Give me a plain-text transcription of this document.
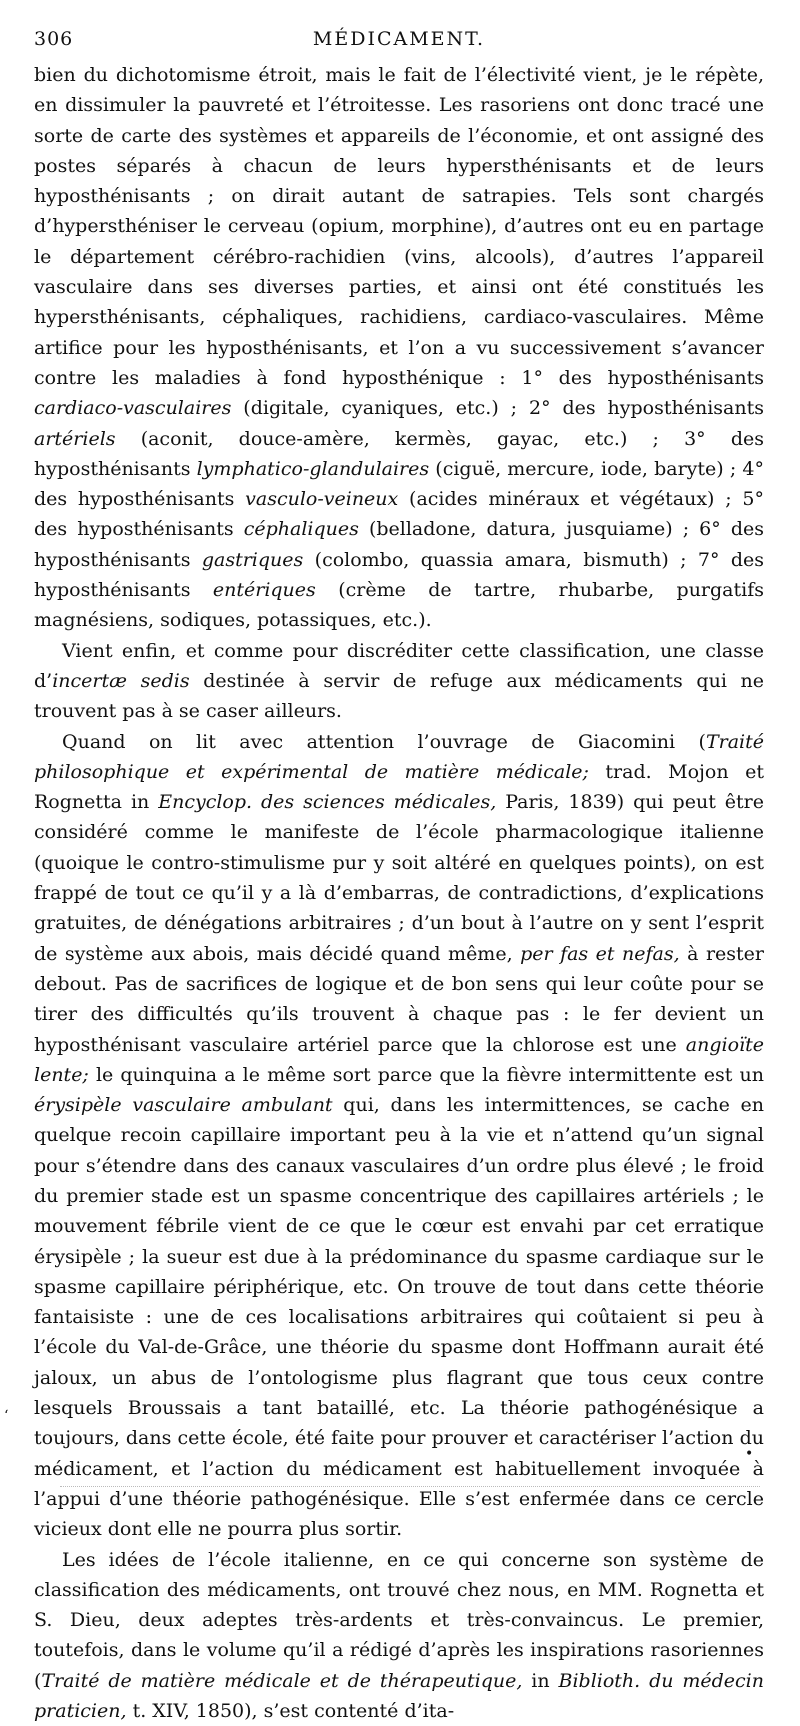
306	MÉDICAMENT.

bien du dichotomisme étroit, mais le fait de l’électivité vient, je le répète, en dissimuler la pauvreté et l’étroitesse. Les rasoriens ont donc tracé une sorte de carte des systèmes et appareils de l’économie, et ont assigné des postes séparés à chacun de leurs hypersthénisants et de leurs hyposthénisants ; on dirait autant de satrapies. Tels sont chargés d’hypersthéniser le cerveau (opium, morphine), d’autres ont eu en partage le département cérébro-rachidien (vins, alcools), d’autres l’appareil vasculaire dans ses diverses parties, et ainsi ont été constitués les hypersthénisants, céphaliques, rachidiens, cardiaco-vasculaires. Même artifice pour les hyposthénisants, et l’on a vu successivement s’avancer contre les maladies à fond hyposthénique : 1° des hyposthénisants cardiaco-vasculaires (digitale, cyaniques, etc.) ; 2° des hyposthénisants artériels (aconit, douce-amère, kermès, gayac, etc.) ; 3° des hyposthénisants lymphatico-glandulaires (ciguë, mercure, iode, baryte) ; 4° des hyposthénisants vasculo-veineux (acides minéraux et végétaux) ; 5° des hyposthénisants céphaliques (belladone, datura, jusquiame) ; 6° des hyposthénisants gastriques (colombo, quassia amara, bismuth) ; 7° des hyposthénisants entériques (crème de tartre, rhubarbe, purgatifs magnésiens, sodiques, potassiques, etc.).

Vient enfin, et comme pour discréditer cette classification, une classe d’incertæ sedis destinée à servir de refuge aux médicaments qui ne trouvent pas à se caser ailleurs.

Quand on lit avec attention l’ouvrage de Giacomini (Traité philosophique et expérimental de matière médicale; trad. Mojon et Rognetta in Encyclop. des sciences médicales, Paris, 1839) qui peut être considéré comme le manifeste de l’école pharmacologique italienne (quoique le contro-stimulisme pur y soit altéré en quelques points), on est frappé de tout ce qu’il y a là d’embarras, de contradictions, d’explications gratuites, de dénégations arbitraires ; d’un bout à l’autre on y sent l’esprit de système aux abois, mais décidé quand même, per fas et nefas, à rester debout. Pas de sacrifices de logique et de bon sens qui leur coûte pour se tirer des difficultés qu’ils trouvent à chaque pas : le fer devient un hyposthénisant vasculaire artériel parce que la chlorose est une angioïte lente; le quinquina a le même sort parce que la fièvre intermittente est un érysipèle vasculaire ambulant qui, dans les intermittences, se cache en quelque recoin capillaire important peu à la vie et n’attend qu’un signal pour s’étendre dans des canaux vasculaires d’un ordre plus élevé ; le froid du premier stade est un spasme concentrique des capillaires artériels ; le mouvement fébrile vient de ce que le cœur est envahi par cet erratique érysipèle ; la sueur est due à la prédominance du spasme cardiaque sur le spasme capillaire périphérique, etc. On trouve de tout dans cette théorie fantaisiste : une de ces localisations arbitraires qui coûtaient si peu à l’école du Val-de-Grâce, une théorie du spasme dont Hoffmann aurait été jaloux, un abus de l’ontologisme plus flagrant que tous ceux contre lesquels Broussais a tant bataillé, etc. La théorie pathogénésique a toujours, dans cette école, été faite pour prouver et caractériser l’action du médicament, et l’action du médicament est habituellement invoquée à l’appui d’une théorie pathogénésique. Elle s’est enfermée dans ce cercle vicieux dont elle ne pourra plus sortir.

Les idées de l’école italienne, en ce qui concerne son système de classification des médicaments, ont trouvé chez nous, en MM. Rognetta et S. Dieu, deux adeptes très-ardents et très-convaincus. Le premier, toutefois, dans le volume qu’il a rédigé d’après les inspirations rasoriennes (Traité de matière médicale et de thérapeutique, in Biblioth. du médecin praticien, t. XIV, 1850), s’est contenté d’ita-

‘
•
